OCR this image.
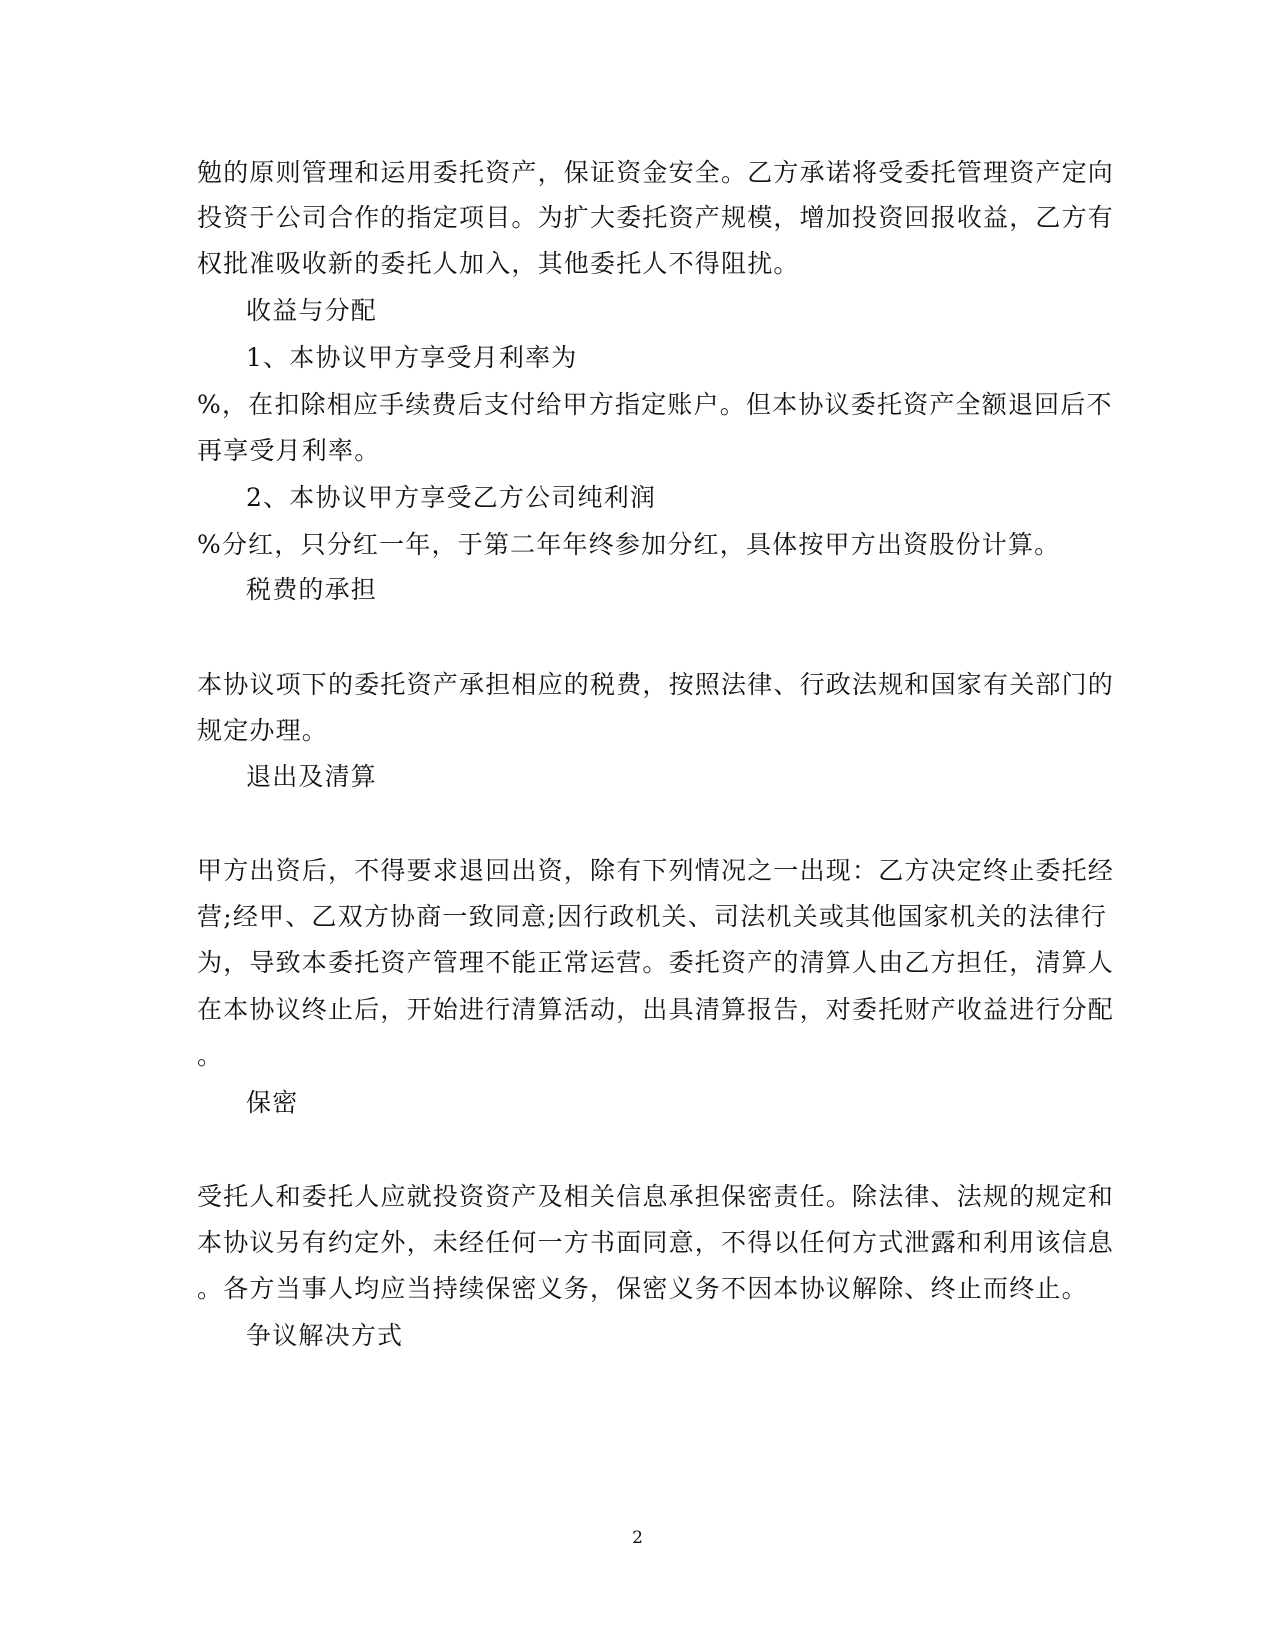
勉的原则管理和运用委托资产，保证资金安全。乙方承诺将受委托管理资产定向
投资于公司合作的指定项目。为扩大委托资产规模，增加投资回报收益，乙方有
权批准吸收新的委托人加入，其他委托人不得阻扰。
收益与分配
1、本协议甲方享受月利率为
%，在扣除相应手续费后支付给甲方指定账户。但本协议委托资产全额退回后不
再享受月利率。
2、本协议甲方享受乙方公司纯利润
%分红，只分红一年，于第二年年终参加分红，具体按甲方出资股份计算。
税费的承担
本协议项下的委托资产承担相应的税费，按照法律、行政法规和国家有关部门的
规定办理。
退出及清算
甲方出资后，不得要求退回出资，除有下列情况之一出现：乙方决定终止委托经
营;经甲、乙双方协商一致同意;因行政机关、司法机关或其他国家机关的法律行
为，导致本委托资产管理不能正常运营。委托资产的清算人由乙方担任，清算人
在本协议终止后，开始进行清算活动，出具清算报告，对委托财产收益进行分配
。
保密
受托人和委托人应就投资资产及相关信息承担保密责任。除法律、法规的规定和
本协议另有约定外，未经任何一方书面同意，不得以任何方式泄露和利用该信息
。各方当事人均应当持续保密义务，保密义务不因本协议解除、终止而终止。
争议解决方式
2
